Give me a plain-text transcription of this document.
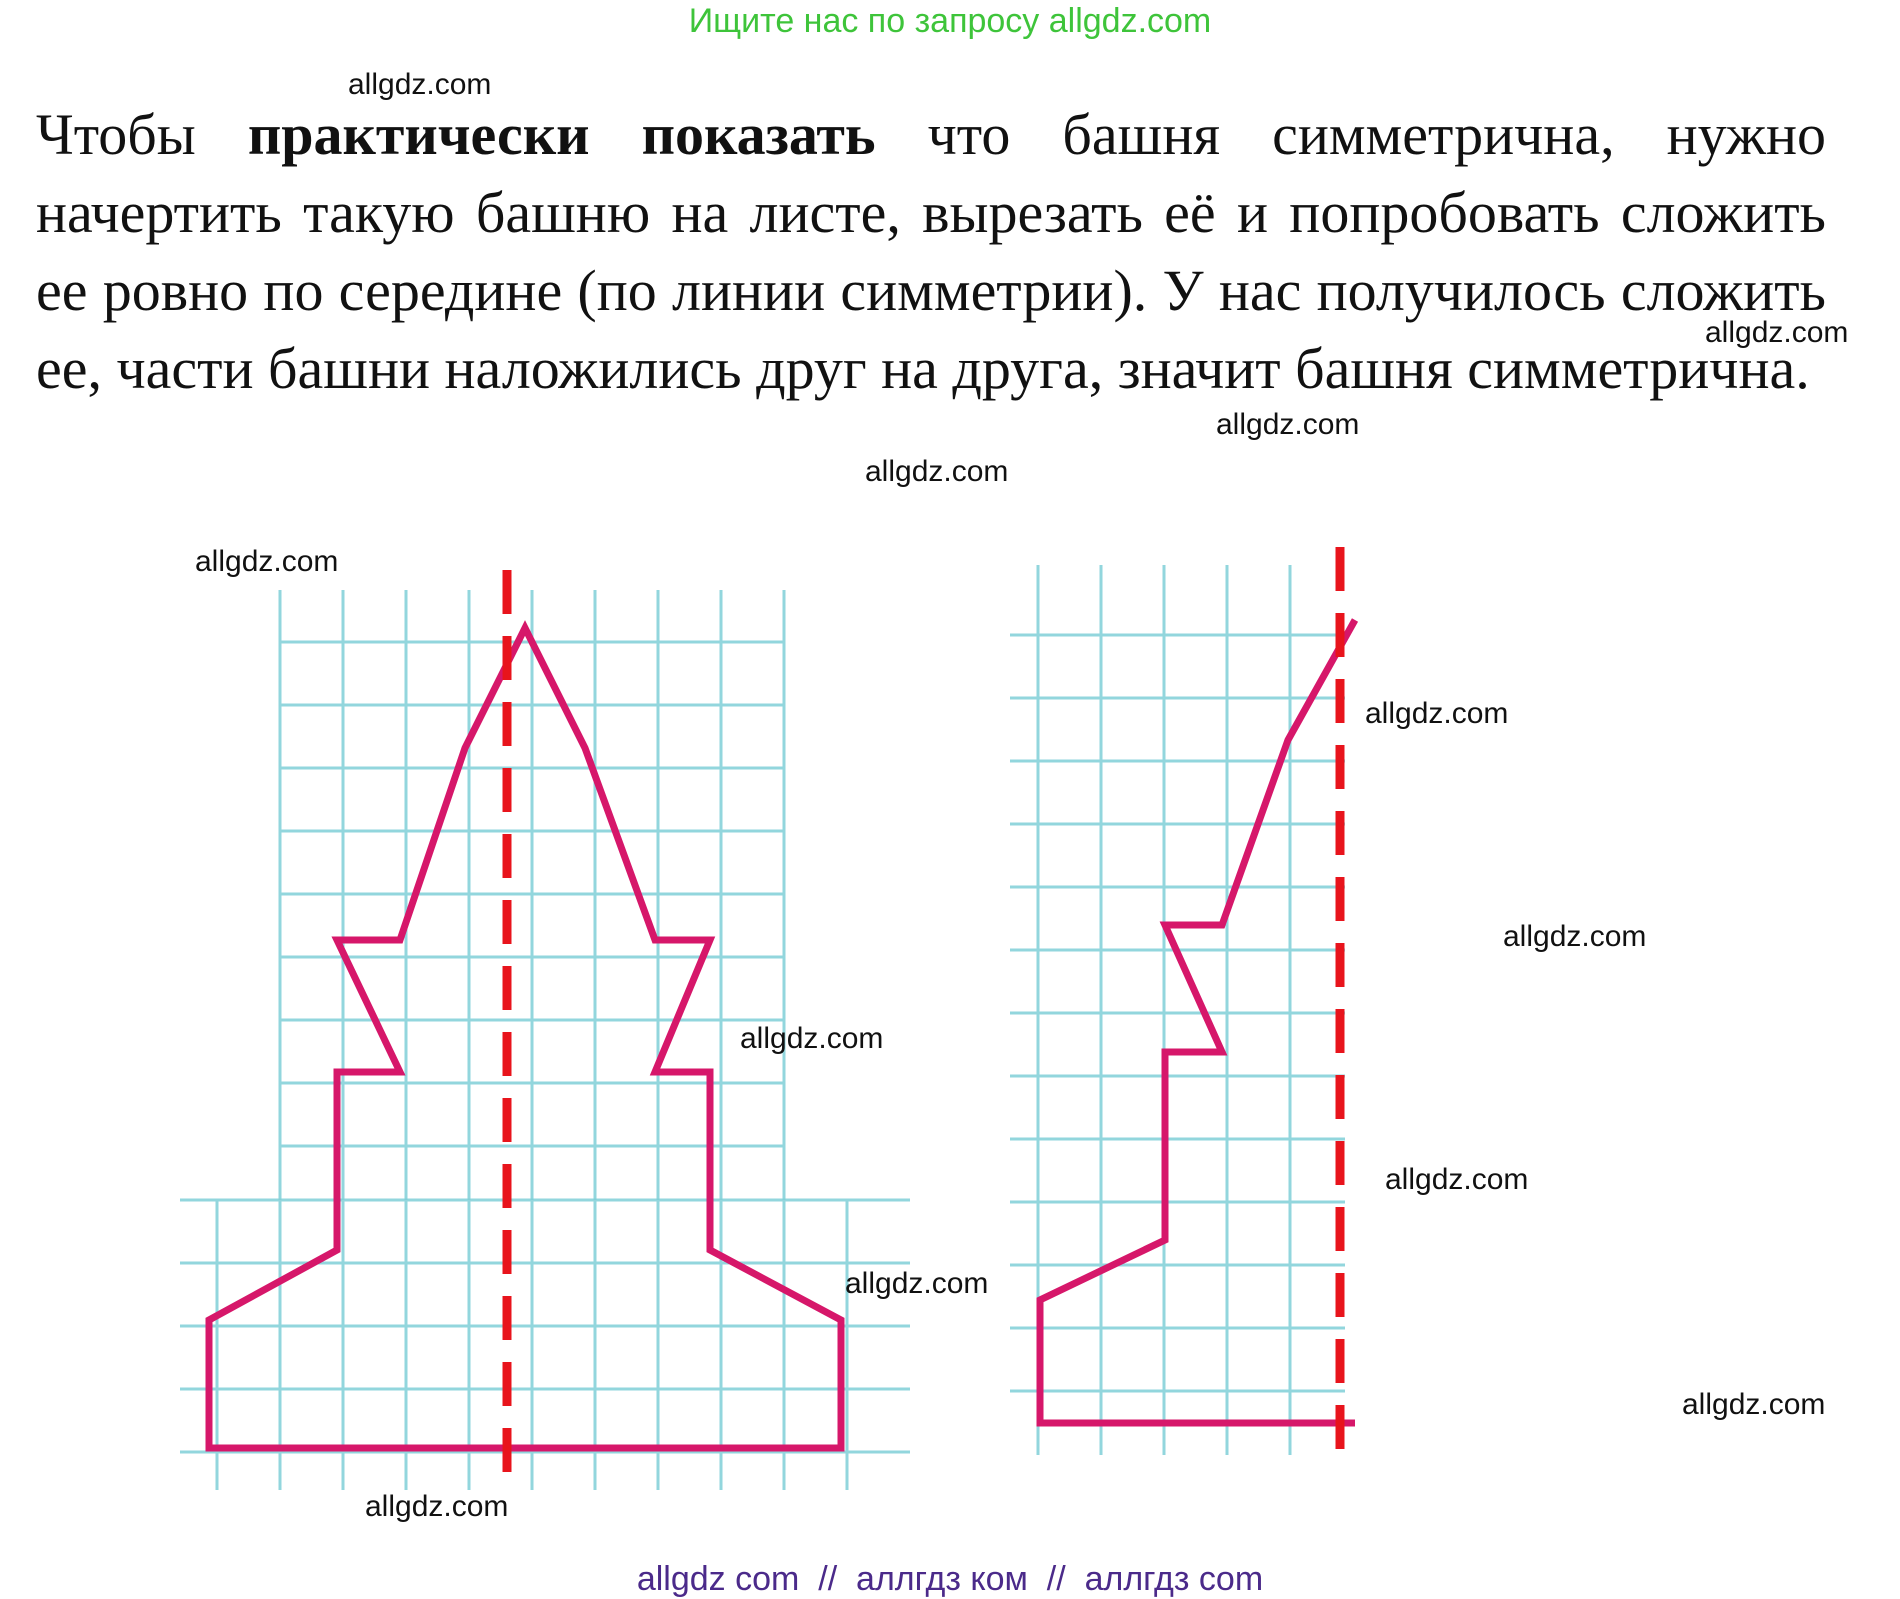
Ищите нас по запросу allgdz.com

Чтобы практически показать что башня симметрична, нужно начертить такую башню на листе, вырезать её и попробовать сложить ее ровно по середине (по линии симметрии). У нас получилось сложить ее, части башни наложились друг на друга, значит башня симметрична.

allgdz.com
allgdz.com
allgdz.com
allgdz.com
allgdz.com
allgdz.com
allgdz.com
allgdz.com
allgdz.com
allgdz.com
allgdz.com
allgdz.com
allgdz com  //  аллгдз ком  //  аллгдз com
